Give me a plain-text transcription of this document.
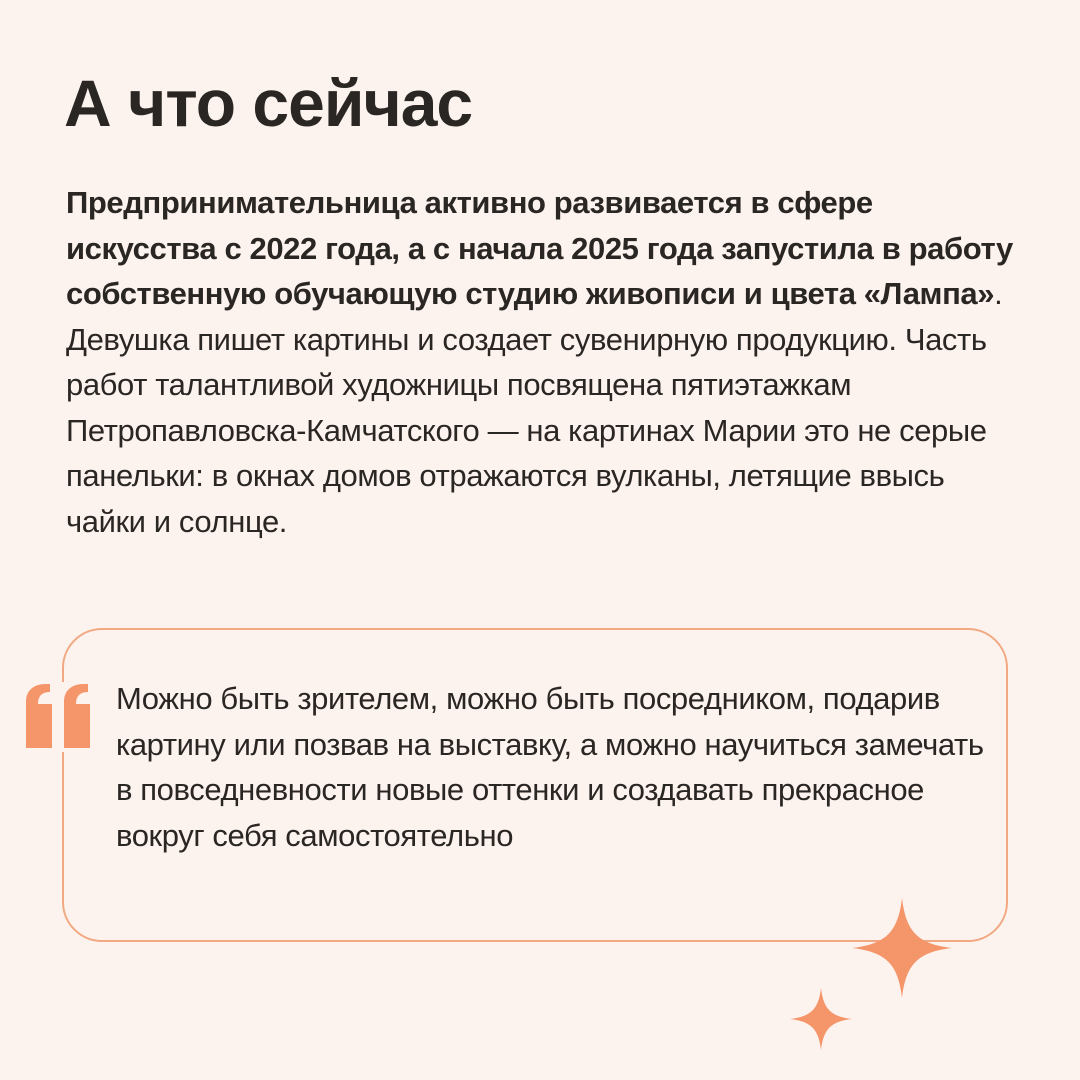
А что сейчас

Предпринимательница активно развивается в сфере искусства с 2022 года, а с начала 2025 года запустила в работу собственную обучающую студию живописи и цвета «Лампа». Девушка пишет картины и создает сувенирную продукцию. Часть работ талантливой художницы посвящена пятиэтажкам Петропавловска-Камчатского — на картинах Марии это не серые панельки: в окнах домов отражаются вулканы, летящие ввысь чайки и солнце.

Можно быть зрителем, можно быть посредником, подарив картину или позвав на выставку, а можно научиться замечать в повседневности новые оттенки и создавать прекрасное вокруг себя самостоятельно
